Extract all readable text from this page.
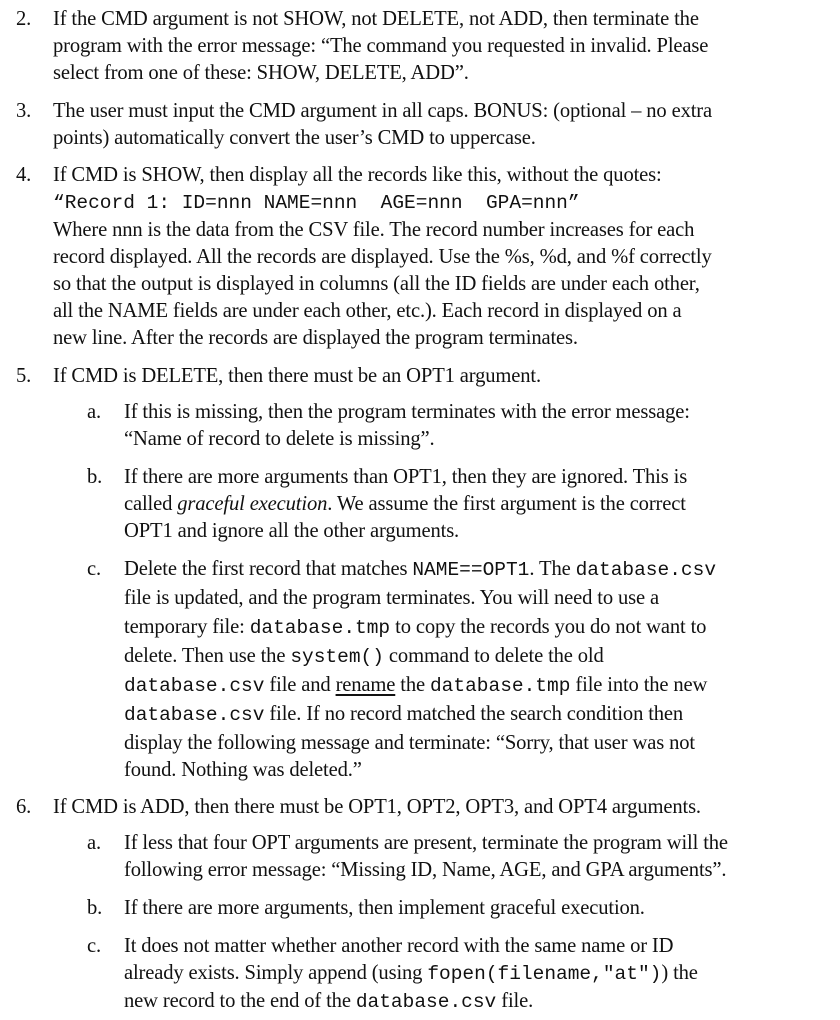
2.	If the CMD argument is not SHOW, not DELETE, not ADD, then terminate the
program with the error message: “The command you requested in invalid. Please
select from one of these: SHOW, DELETE, ADD”.
3.	The user must input the CMD argument in all caps. BONUS: (optional – no extra
points) automatically convert the user’s CMD to uppercase.
4.	If CMD is SHOW, then display all the records like this, without the quotes:
“Record 1: ID=nnn NAME=nnn  AGE=nnn  GPA=nnn”
Where nnn is the data from the CSV file. The record number increases for each
record displayed. All the records are displayed. Use the %s, %d, and %f correctly
so that the output is displayed in columns (all the ID fields are under each other,
all the NAME fields are under each other, etc.). Each record in displayed on a
new line. After the records are displayed the program terminates.
5.	If CMD is DELETE, then there must be an OPT1 argument.
a.	If this is missing, then the program terminates with the error message:
“Name of record to delete is missing”.
b.	If there are more arguments than OPT1, then they are ignored. This is
called graceful execution. We assume the first argument is the correct
OPT1 and ignore all the other arguments.
c.	Delete the first record that matches NAME==OPT1. The database.csv
file is updated, and the program terminates. You will need to use a
temporary file: database.tmp to copy the records you do not want to
delete. Then use the system() command to delete the old
database.csv file and rename the database.tmp file into the new
database.csv file. If no record matched the search condition then
display the following message and terminate: “Sorry, that user was not
found. Nothing was deleted.”
6.	If CMD is ADD, then there must be OPT1, OPT2, OPT3, and OPT4 arguments.
a.	If less that four OPT arguments are present, terminate the program will the
following error message: “Missing ID, Name, AGE, and GPA arguments”.
b.	If there are more arguments, then implement graceful execution.
c.	It does not matter whether another record with the same name or ID
already exists. Simply append (using fopen(filename,"at")) the
new record to the end of the database.csv file.
